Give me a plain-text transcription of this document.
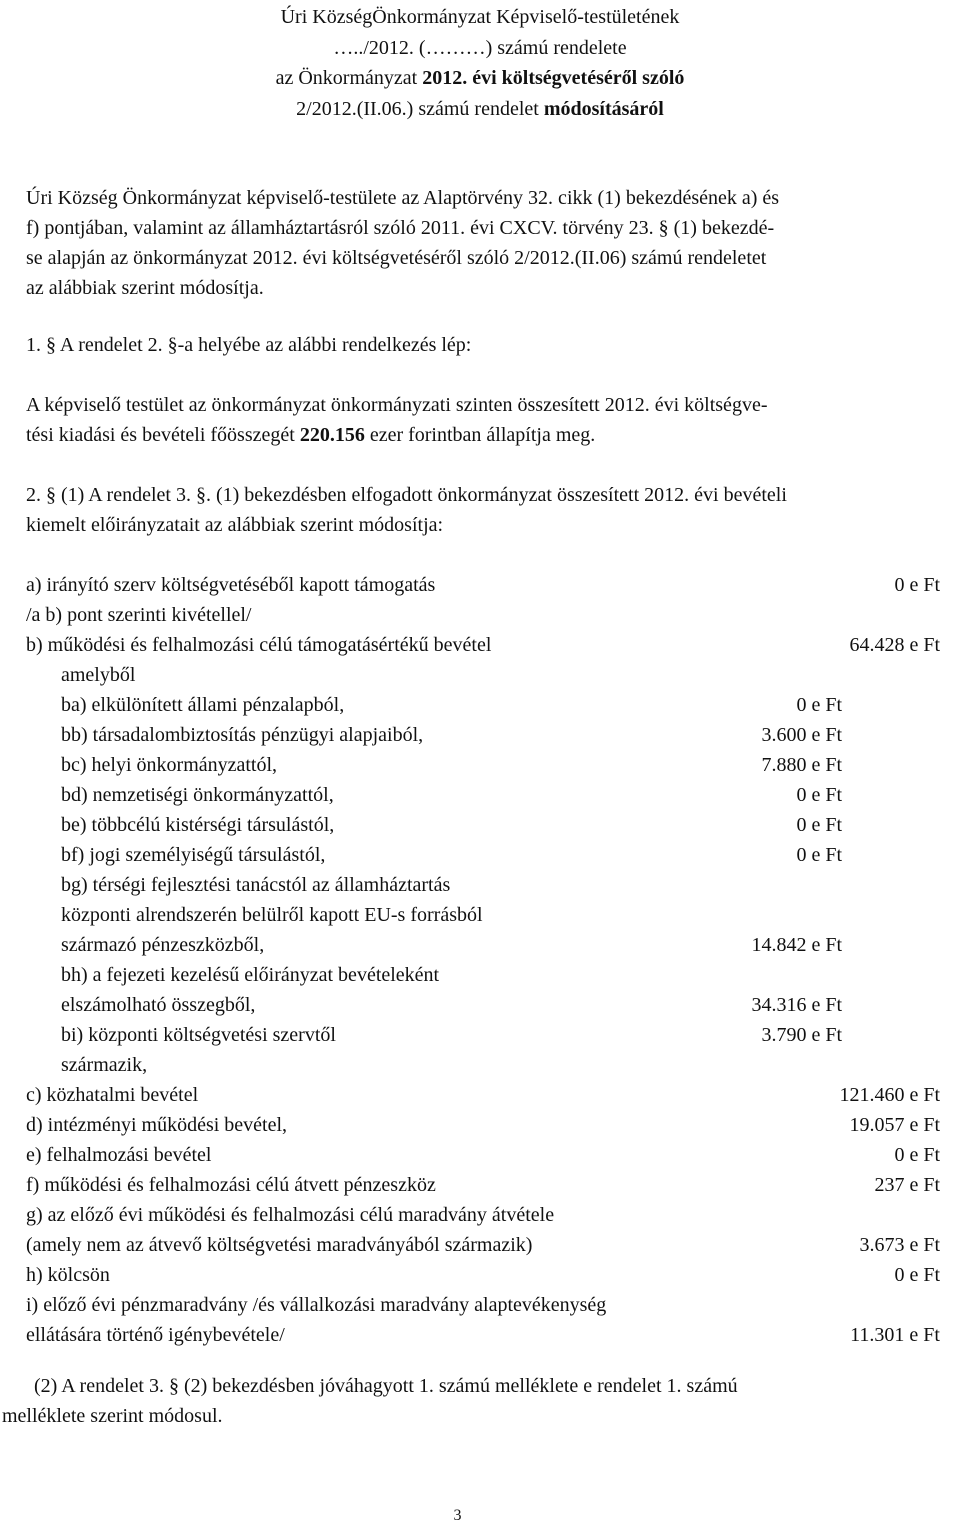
Úri KözségÖnkormányzat Képviselő-testületének
…../2012. (………) számú rendelete
az Önkormányzat 2012. évi költségvetéséről szóló
2/2012.(II.06.) számú rendelet módosításáról
Úri Község Önkormányzat képviselő-testülete az Alaptörvény 32. cikk (1) bekezdésének a) és
f) pontjában, valamint az államháztartásról szóló 2011. évi CXCV. törvény 23. § (1) bekezdé-
se alapján az önkormányzat 2012. évi költségvetéséről szóló 2/2012.(II.06) számú rendeletet
az alábbiak szerint módosítja.
1. § A rendelet 2. §-a helyébe az alábbi rendelkezés lép:
A képviselő testület az önkormányzat önkormányzati szinten összesített 2012. évi költségve-
tési kiadási és bevételi főösszegét 220.156 ezer forintban állapítja meg.
2. § (1) A rendelet 3. §. (1) bekezdésben elfogadott önkormányzat összesített 2012. évi bevételi
kiemelt előirányzatait az alábbiak szerint módosítja:
a) irányító szerv költségvetéséből kapott támogatás	0 e Ft
/a b) pont szerinti kivétellel/
b) működési és felhalmozási célú támogatásértékű bevétel	64.428 e Ft
amelyből
ba) elkülönített állami pénzalapból,	0 e Ft
bb) társadalombiztosítás pénzügyi alapjaiból,	3.600 e Ft
bc) helyi önkormányzattól,	7.880 e Ft
bd) nemzetiségi önkormányzattól,	0 e Ft
be) többcélú kistérségi társulástól,	0 e Ft
bf) jogi személyiségű társulástól,	0 e Ft
bg) térségi fejlesztési tanácstól az államháztartás
központi alrendszerén belülről kapott EU-s forrásból
származó pénzeszközből,	14.842 e Ft
bh) a fejezeti kezelésű előirányzat bevételeként
elszámolható összegből,	34.316 e Ft
bi) központi költségvetési szervtől	3.790 e Ft
származik,
c) közhatalmi bevétel	121.460 e Ft
d) intézményi működési bevétel,	19.057 e Ft
e) felhalmozási bevétel	0 e Ft
f) működési és felhalmozási célú átvett pénzeszköz	237 e Ft
g) az előző évi működési és felhalmozási célú maradvány átvétele
(amely nem az átvevő költségvetési maradványából származik)	3.673 e Ft
h) kölcsön	0 e Ft
i) előző évi pénzmaradvány /és vállalkozási maradvány alaptevékenység
ellátására történő igénybevétele/	11.301 e Ft
(2) A rendelet 3. § (2) bekezdésben jóváhagyott 1. számú melléklete e rendelet 1. számú
melléklete szerint módosul.
3
